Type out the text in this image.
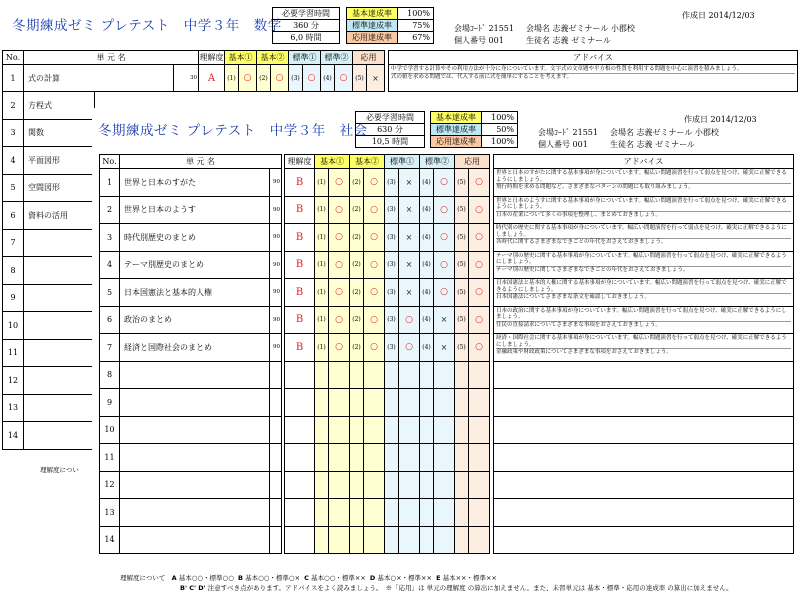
冬期練成ゼミ プレテスト　中学３年　数学
必要学習時間
360 分
6,0 時間
基本達成率	100%
標準達成率	75%
応用達成率	67%
作成日 2014/12/03
会場ｺｰﾄﾞ 21551 会場名 志義ゼミナール 小郡校
個人番号 001	生徒名 志義 ゼミナール
No.	単 元 名		理解度	基本①		基本②		標準①		標準②		応用			アドバイス
1	式の計算	30	A	(1)	○	(2)	○	(3)	○	(4)	○	(5)	×		中学で学習する計算やその利用方法が十分に身についています。文字式の文章題や平方根の性質を利用する問題を中心に演習を積みましょう。
式の値を求める問題では、代入する前に式を簡単にすることを考えます。
2	方程式
3	関数
4	平面図形
5	空間図形
6	資料の活用
7	
8	
9	
10	
11	
12	
13	
14	
理解度につい
冬期練成ゼミ プレテスト　中学３年　社会
必要学習時間
630 分
10,5 時間
基本達成率	100%
標準達成率	50%
応用達成率	100%
作成日 2014/12/03
会場ｺｰﾄﾞ 21551 会場名 志義ゼミナール 小郡校
個人番号 001	生徒名 志義 ゼミナール
No.	単 元 名			理解度	基本①		基本②		標準①		標準②		応用			アドバイス
1	世界と日本のすがた	90		B	(1)	○	(2)	○	(3)	×	(4)	○	(5)	○		世界と日本のすがたに関する基本事項が身についています。幅広い問題演習を行って弱点を見つけ、確実に正解できるようにしましょう。
飛行時間を求める問題など、さまざまなパターンの問題にも取り組みましょう。

2	世界と日本のようす	90		B	(1)	○	(2)	○	(3)	×	(4)	○	(5)	○		世界と日本のようすに関する基本事項が身についています。幅広い問題演習を行って弱点を見つけ、確実に正解できるようにしましょう。
日本の産業について多くの事項を整理し、まとめておきましょう。

3	時代別歴史のまとめ	90		B	(1)	○	(2)	○	(3)	×	(4)	○	(5)	○		時代別の歴史に関する基本事項が身についています。幅広い問題演習を行って弱点を見つけ、確実に正解できるようにしましょう。
各時代に関するさまざまなできごとの年代をおさえておきましょう。

4	テーマ別歴史のまとめ	90		B	(1)	○	(2)	○	(3)	×	(4)	○	(5)	○		テーマ別の歴史に関する基本事項が身についています。幅広い問題演習を行って弱点を見つけ、確実に正解できるようにしましょう。
テーマ別の歴史に関してさまざまなできごとの年代をおさえておきましょう。

5	日本国憲法と基本的人権	90		B	(1)	○	(2)	○	(3)	×	(4)	○	(5)	○		日本国憲法と基本的人権に関する基本事項が身についています。幅広い問題演習を行って弱点を見つけ、確実に正解できるようにしましょう。
日本国憲法についてさまざまな条文を確認しておきましょう。

6	政治のまとめ	90		B	(1)	○	(2)	○	(3)	○	(4)	×	(5)	○		日本の政治に関する基本事項が身についています。幅広い問題演習を行って弱点を見つけ、確実に正解できるようにしましょう。
住民の直接請求についてさまざまな事項をおさえておきましょう。

7	経済と国際社会のまとめ	90		B	(1)	○	(2)	○	(3)	○	(4)	×	(5)	○		経済・国際社会に関する基本事項が身についています。幅広い問題演習を行って弱点を見つけ、確実に正解できるようにしましょう。
金融政策や財政政策についてさまざまな事項をおさえておきましょう。

8																
9																
10																
11																
12																
13																
14																
理解度について A 基本○○・標準○○ B 基本○○・標準○× C 基本○○・標準×× D 基本○×・標準×× E 基本××・標準××
B' C' D' 注意すべき点があります。アドバイスをよく読みましょう。　※「応用」は 単元の理解度 の算出に加えません。また、未習単元は 基本・標準・応用の達成率 の算出に加えません。
